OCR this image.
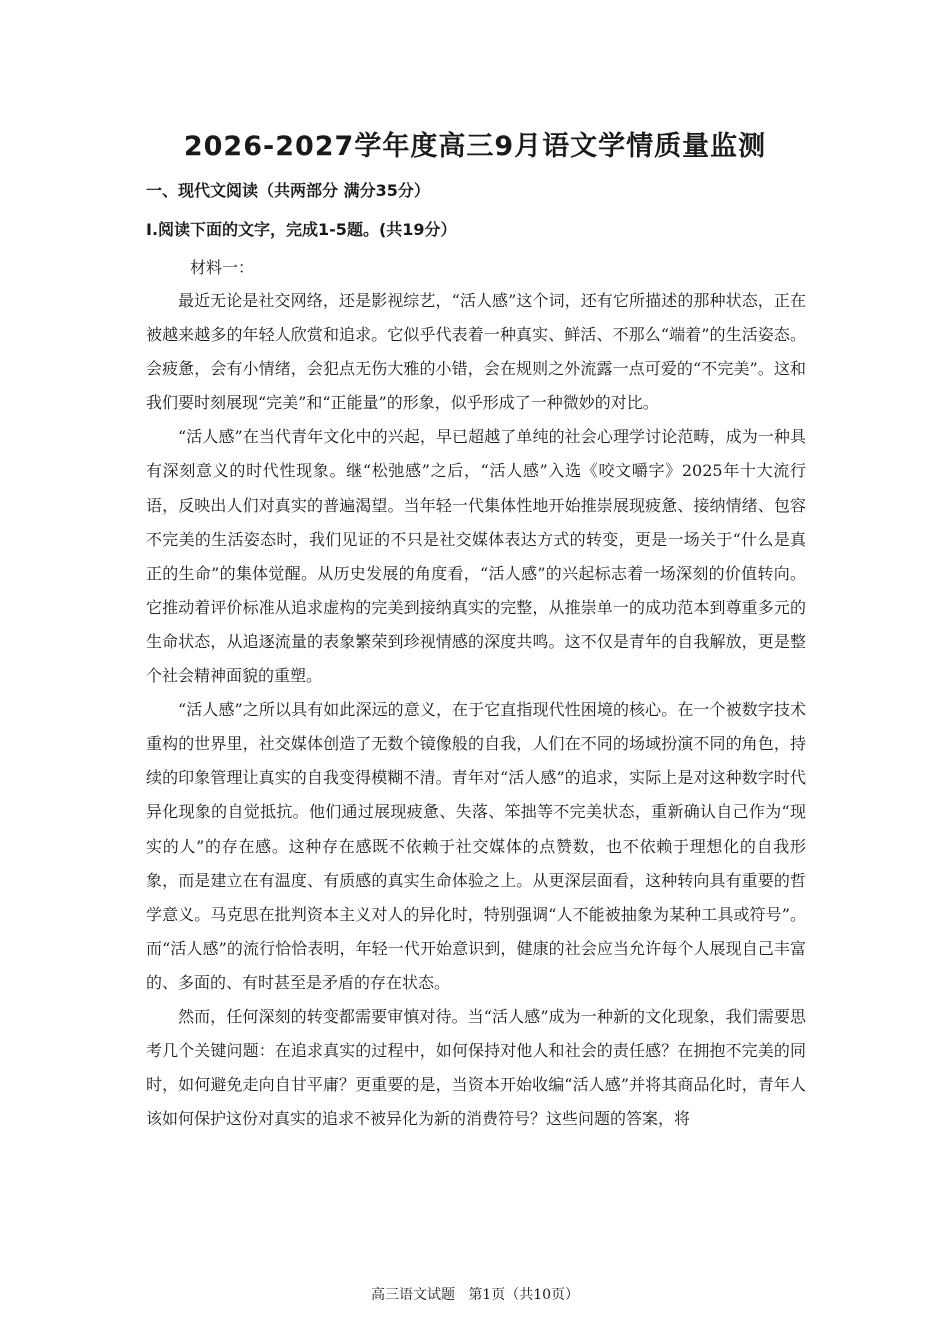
2026-2027学年度高三9月语文学情质量监测
一、现代文阅读（共两部分 满分35分）
I.阅读下面的文字，完成1-5题。(共19分）
材料一：

最近无论是社交网络，还是影视综艺，“活人感”这个词，还有它所描述的那种状态，正在被越来越多的年轻人欣赏和追求。它似乎代表着一种真实、鲜活、不那么“端着”的生活姿态。会疲惫，会有小情绪，会犯点无伤大雅的小错，会在规则之外流露一点可爱的“不完美”。这和我们要时刻展现“完美”和“正能量”的形象，似乎形成了一种微妙的对比。

“活人感”在当代青年文化中的兴起，早已超越了单纯的社会心理学讨论范畴，成为一种具有深刻意义的时代性现象。继“松弛感”之后，“活人感”入选《咬文嚼字》2025年十大流行语，反映出人们对真实的普遍渴望。当年轻一代集体性地开始推崇展现疲惫、接纳情绪、包容不完美的生活姿态时，我们见证的不只是社交媒体表达方式的转变，更是一场关于“什么是真正的生命”的集体觉醒。从历史发展的角度看，“活人感”的兴起标志着一场深刻的价值转向。它推动着评价标准从追求虚构的完美到接纳真实的完整，从推崇单一的成功范本到尊重多元的生命状态，从追逐流量的表象繁荣到珍视情感的深度共鸣。这不仅是青年的自我解放，更是整个社会精神面貌的重塑。

“活人感”之所以具有如此深远的意义，在于它直指现代性困境的核心。在一个被数字技术重构的世界里，社交媒体创造了无数个镜像般的自我，人们在不同的场域扮演不同的角色，持续的印象管理让真实的自我变得模糊不清。青年对“活人感”的追求，实际上是对这种数字时代异化现象的自觉抵抗。他们通过展现疲惫、失落、笨拙等不完美状态，重新确认自己作为“现实的人”的存在感。这种存在感既不依赖于社交媒体的点赞数，也不依赖于理想化的自我形象，而是建立在有温度、有质感的真实生命体验之上。从更深层面看，这种转向具有重要的哲学意义。马克思在批判资本主义对人的异化时，特别强调“人不能被抽象为某种工具或符号”。而“活人感”的流行恰恰表明，年轻一代开始意识到，健康的社会应当允许每个人展现自己丰富的、多面的、有时甚至是矛盾的存在状态。

然而，任何深刻的转变都需要审慎对待。当“活人感”成为一种新的文化现象，我们需要思考几个关键问题：在追求真实的过程中，如何保持对他人和社会的责任感？在拥抱不完美的同时，如何避免走向自甘平庸？更重要的是，当资本开始收编“活人感”并将其商品化时，青年人该如何保护这份对真实的追求不被异化为新的消费符号？这些问题的答案，将

高三语文试题 第1页（共10页）
